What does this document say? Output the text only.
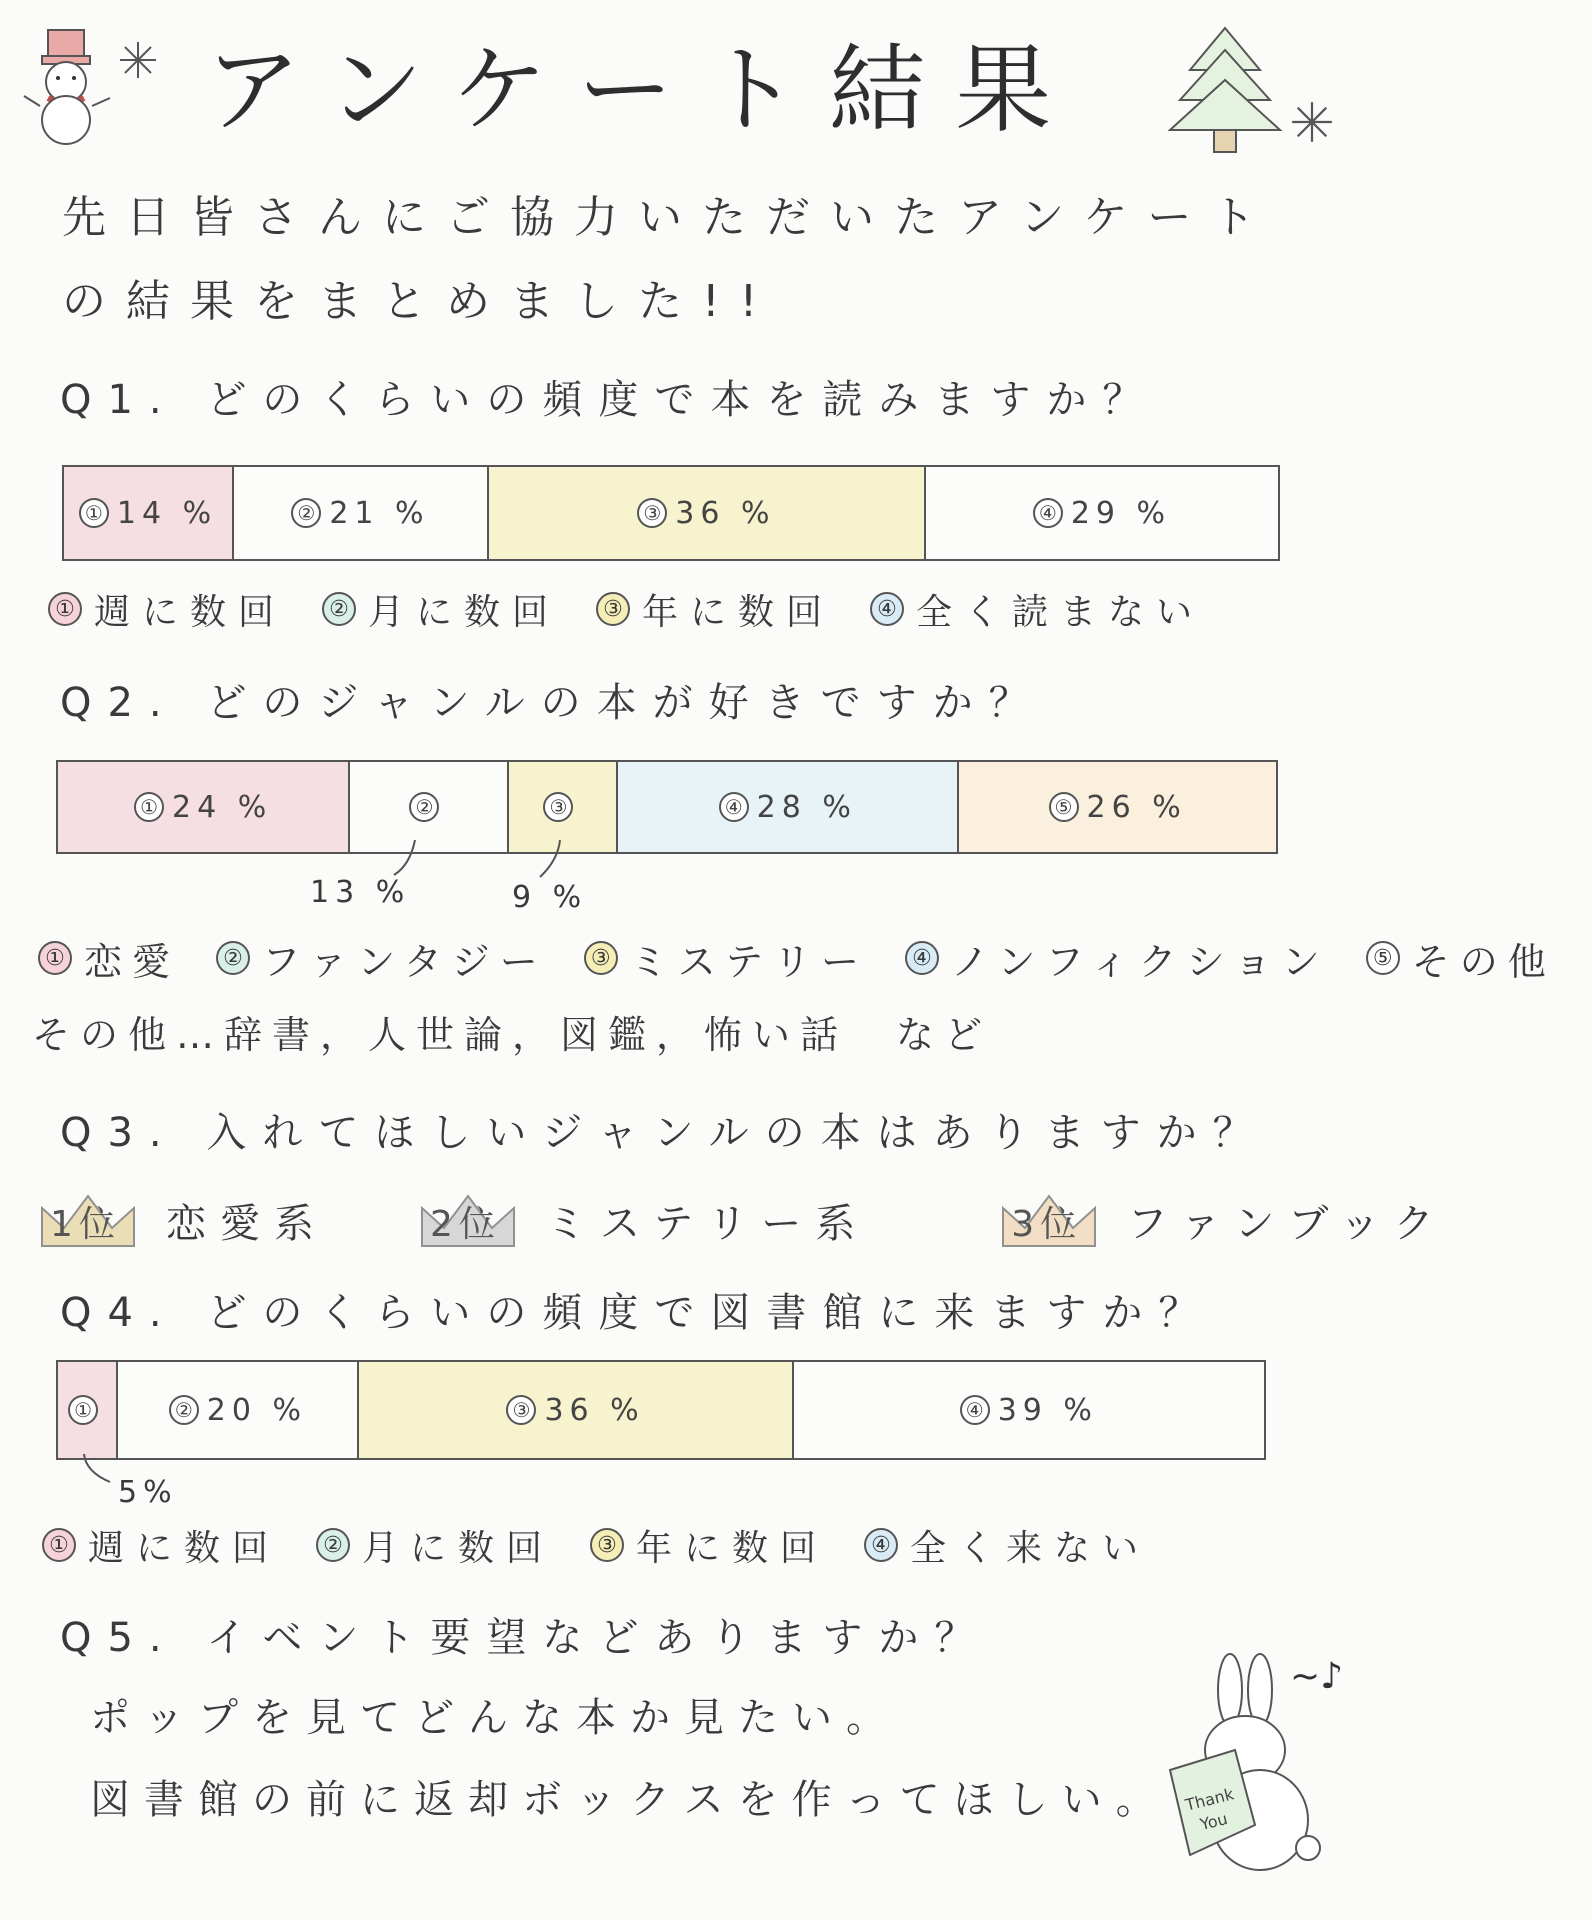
アンケート結果
先日皆さんにご協力いただいたアンケート
の結果をまとめました!!
Q1. どのくらいの頻度で本を読みますか？
① 14 %	② 21 %	③ 36 %	④ 29 %
① 週に数回	② 月に数回	③ 年に数回	④ 全く読まない
Q2. どのジャンルの本が好きですか？
① 24 %	②	③	④ 28 %	⑤ 26 %
13 %	9 %
① 恋愛	② ファンタジー	③ ミステリー	④ ノンフィクション	⑤ その他
その他…辞書，人世論，図鑑，怖い話　など
Q3. 入れてほしいジャンルの本はありますか？
1位 恋愛系	2位 ミステリー系	3位 ファンブック
Q4. どのくらいの頻度で図書館に来ますか？
①	② 20 %	③ 36 %	④ 39 %
5%
① 週に数回	② 月に数回	③ 年に数回	④ 全く来ない
Q5. イベント要望などありますか？
ポップを見てどんな本か見たい。
図書館の前に返却ボックスを作ってほしい。 Thank
You
~♪
